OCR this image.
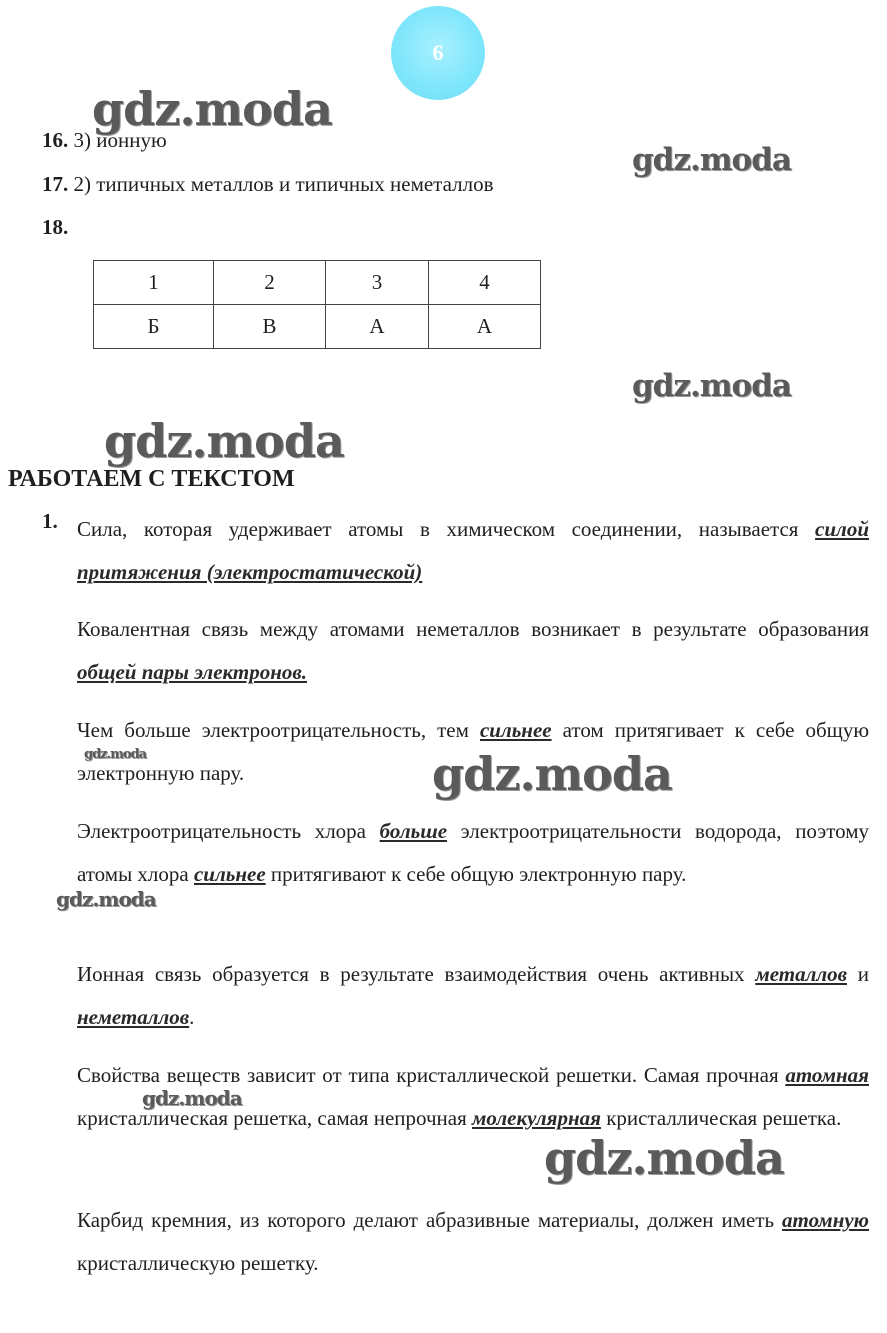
6
gdz.moda
gdz.moda
gdz.moda
gdz.moda
gdz.moda	gdz.moda
gdz.moda
gdz.moda
gdz.moda
16. 3) ионную
17. 2) типичных металлов и типичных неметаллов
18.
1	2	3	4
Б	В	А	А
РАБОТАЕМ С ТЕКСТОМ
1. Сила, которая удерживает атомы в химическом соединении, называется силой притяжения (электростатической)
Ковалентная связь между атомами неметаллов возникает в результате образования общей пары электронов.
Чем больше электроотрицательность, тем сильнее атом притягивает к себе общую электронную пару.
Электроотрицательность хлора больше электроотрицательности водорода, поэтому атомы хлора сильнее притягивают к себе общую электронную пару.
Ионная связь образуется в результате взаимодействия очень активных металлов и неметаллов.
Свойства веществ зависит от типа кристаллической решетки. Самая прочная атомная кристаллическая решетка, самая непрочная молекулярная кристаллическая решетка.
Карбид кремния, из которого делают абразивные материалы, должен иметь атомную кристаллическую решетку.
